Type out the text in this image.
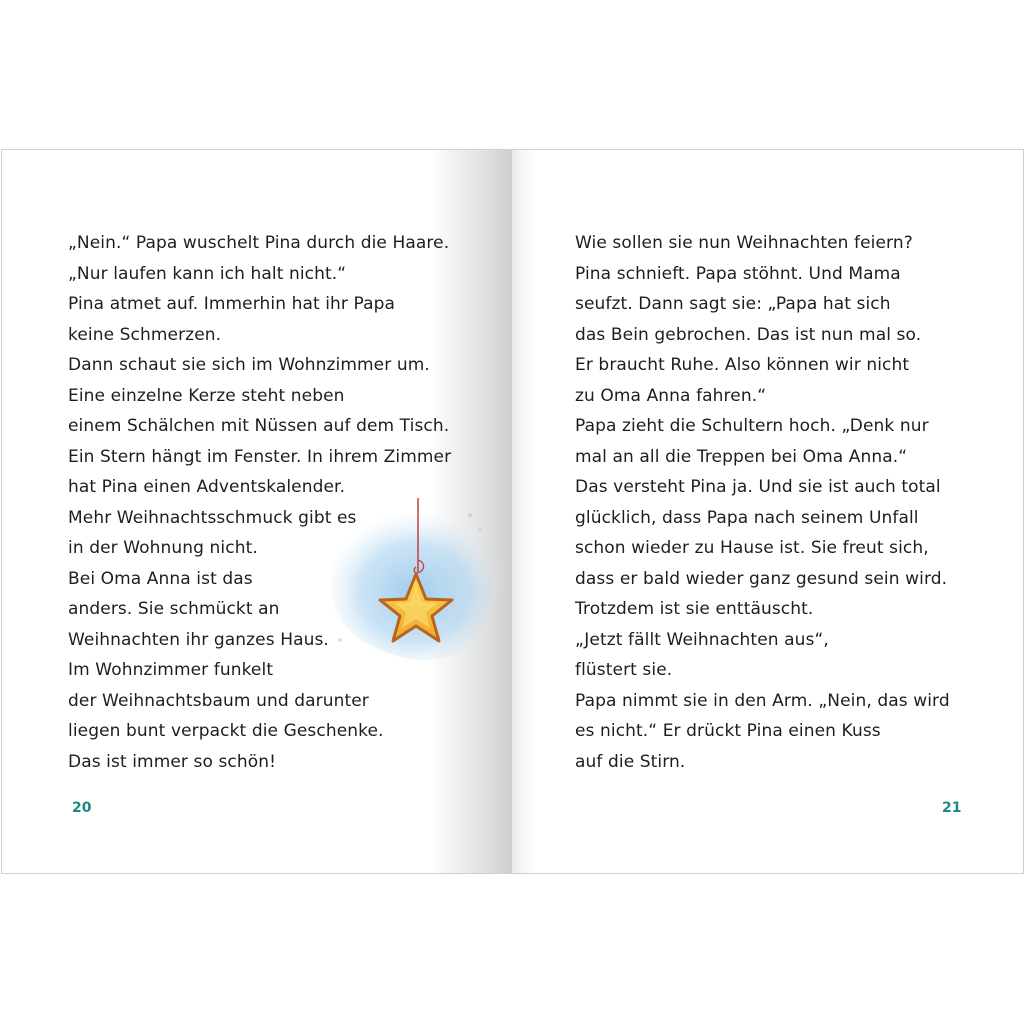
„Nein.“ Papa wuschelt Pina durch die Haare.
„Nur laufen kann ich halt nicht.“
Pina atmet auf. Immerhin hat ihr Papa
keine Schmerzen.
Dann schaut sie sich im Wohnzimmer um.
Eine einzelne Kerze steht neben
einem Schälchen mit Nüssen auf dem Tisch.
Ein Stern hängt im Fenster. In ihrem Zimmer
hat Pina einen Adventskalender.
Mehr Weihnachtsschmuck gibt es
in der Wohnung nicht.
Bei Oma Anna ist das
anders. Sie schmückt an
Weihnachten ihr ganzes Haus.
Im Wohnzimmer funkelt
der Weihnachtsbaum und darunter
liegen bunt verpackt die Geschenke.
Das ist immer so schön!
20
Wie sollen sie nun Weihnachten feiern?
Pina schnieft. Papa stöhnt. Und Mama
seufzt. Dann sagt sie: „Papa hat sich
das Bein gebrochen. Das ist nun mal so.
Er braucht Ruhe. Also können wir nicht
zu Oma Anna fahren.“
Papa zieht die Schultern hoch. „Denk nur
mal an all die Treppen bei Oma Anna.“
Das versteht Pina ja. Und sie ist auch total
glücklich, dass Papa nach seinem Unfall
schon wieder zu Hause ist. Sie freut sich,
dass er bald wieder ganz gesund sein wird.
Trotzdem ist sie enttäuscht.
„Jetzt fällt Weihnachten aus“,
flüstert sie.
Papa nimmt sie in den Arm. „Nein, das wird
es nicht.“ Er drückt Pina einen Kuss
auf die Stirn.
21
